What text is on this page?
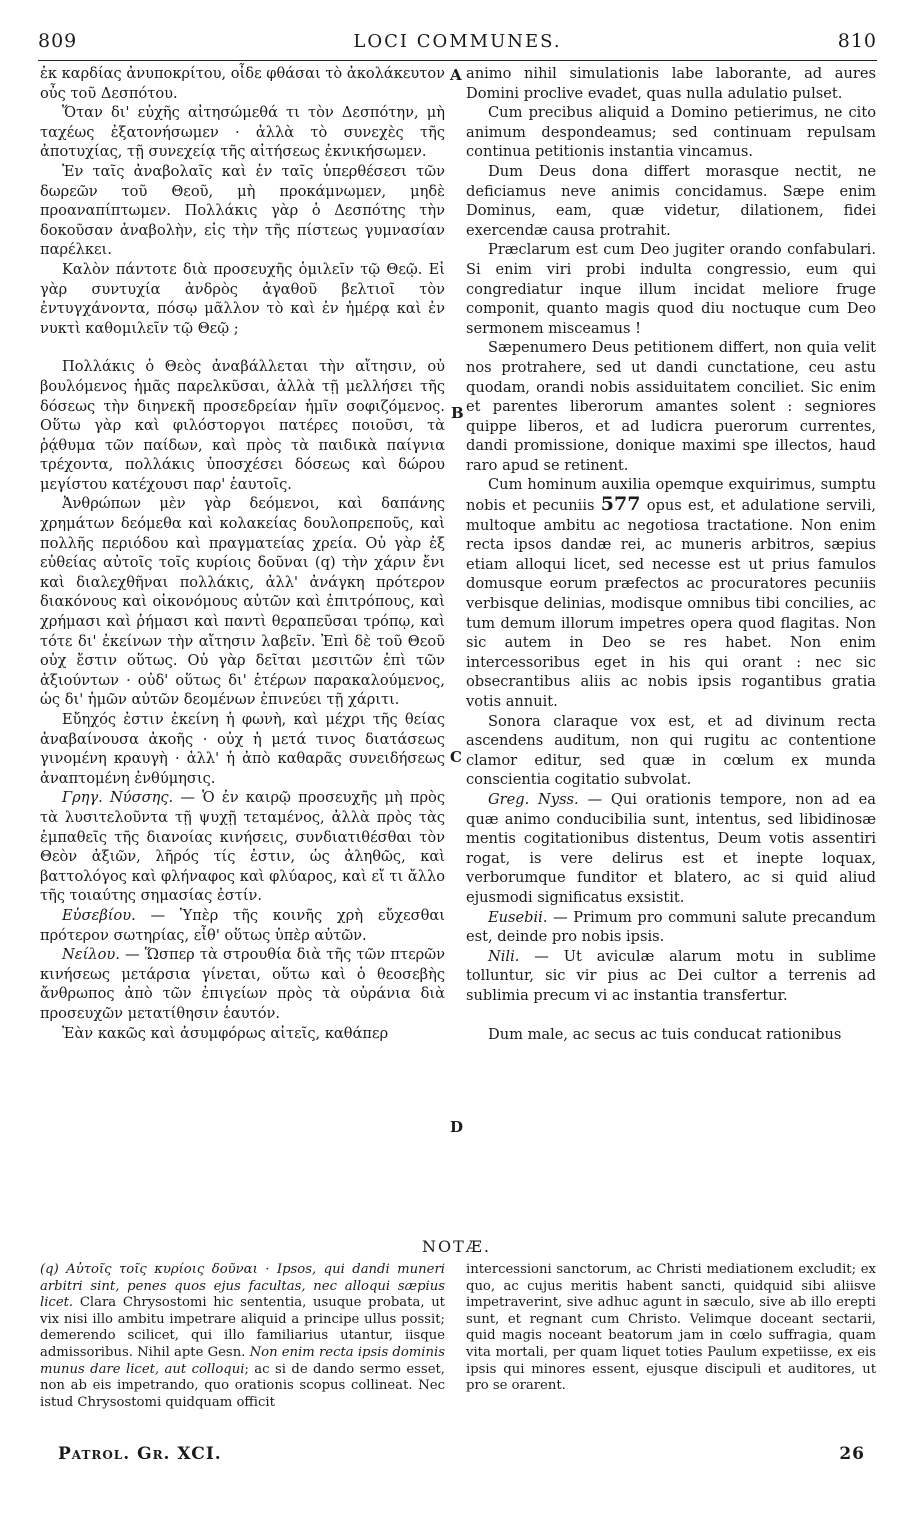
809	LOCI COMMUNES.	810

ἐκ καρδίας ἀνυποκρίτου, οἶδε φθάσαι τὸ ἀκολάκευτον οὖς τοῦ Δεσπότου.

Ὅταν δι' εὐχῆς αἰτησώμεθά τι τὸν Δεσπότην, μὴ ταχέως ἐξατονήσωμεν · ἀλλὰ τὸ συνεχὲς τῆς ἀποτυχίας, τῇ συνεχείᾳ τῆς αἰτήσεως ἐκνικήσωμεν.

Ἐν ταῖς ἀναβολαῖς καὶ ἐν ταῖς ὑπερθέσεσι τῶν δωρεῶν τοῦ Θεοῦ, μὴ προκάμνωμεν, μηδὲ προαναπίπτωμεν. Πολλάκις γὰρ ὁ Δεσπότης τὴν δοκοῦσαν ἀναβολὴν, εἰς τὴν τῆς πίστεως γυμνασίαν παρέλκει.

Καλὸν πάντοτε διὰ προσευχῆς ὁμιλεῖν τῷ Θεῷ. Εἰ γὰρ συντυχία ἀνδρὸς ἀγαθοῦ βελτιοῖ τὸν ἐντυγχάνοντα, πόσῳ μᾶλλον τὸ καὶ ἐν ἡμέρᾳ καὶ ἐν νυκτὶ καθομιλεῖν τῷ Θεῷ ;

Πολλάκις ὁ Θεὸς ἀναβάλλεται τὴν αἴτησιν, οὐ βουλόμενος ἡμᾶς παρελκῦσαι, ἀλλὰ τῇ μελλήσει τῆς δόσεως τὴν διηνεκῆ προσεδρείαν ἡμῖν σοφιζόμενος. Οὕτω γὰρ καὶ φιλόστοργοι πατέρες ποιοῦσι, τὰ ῥᾴθυμα τῶν παίδων, καὶ πρὸς τὰ παιδικὰ παίγνια τρέχοντα, πολλάκις ὑποσχέσει δόσεως καὶ δώρου μεγίστου κατέχουσι παρ' ἑαυτοῖς.

Ἀνθρώπων μὲν γὰρ δεόμενοι, καὶ δαπάνης χρημάτων δεόμεθα καὶ κολακείας δουλοπρεποῦς, καὶ πολλῆς περιόδου καὶ πραγματείας χρεία. Οὐ γὰρ ἐξ εὐθείας αὐτοῖς τοῖς κυρίοις δοῦναι (q) τὴν χάριν ἔνι καὶ διαλεχθῆναι πολλάκις, ἀλλ' ἀνάγκη πρότερον διακόνους καὶ οἰκονόμους αὐτῶν καὶ ἐπιτρόπους, καὶ χρήμασι καὶ ῥήμασι καὶ παντὶ θεραπεῦσαι τρόπῳ, καὶ τότε δι' ἐκείνων τὴν αἴτησιν λαβεῖν. Ἐπὶ δὲ τοῦ Θεοῦ οὐχ ἔστιν οὕτως. Οὐ γὰρ δεῖται μεσιτῶν ἐπὶ τῶν ἀξιούντων · οὐδ' οὕτως δι' ἑτέρων παρακαλούμενος, ὡς δι' ἡμῶν αὐτῶν δεομένων ἐπινεύει τῇ χάριτι.

Εὔηχός ἐστιν ἐκείνη ἡ φωνὴ, καὶ μέχρι τῆς θείας ἀναβαίνουσα ἀκοῆς · οὐχ ἡ μετά τινος διατάσεως γινομένη κραυγὴ · ἀλλ' ἡ ἀπὸ καθαρᾶς συνειδήσεως ἀναπτομένη ἐνθύμησις.

Γρηγ. Νύσσης. — Ὁ ἐν καιρῷ προσευχῆς μὴ πρὸς τὰ λυσιτελοῦντα τῇ ψυχῇ τεταμένος, ἀλλὰ πρὸς τὰς ἐμπαθεῖς τῆς διανοίας κινήσεις, συνδιατιθέσθαι τὸν Θεὸν ἀξιῶν, λῆρός τίς ἐστιν, ὡς ἀληθῶς, καὶ βαττολόγος καὶ φλήναφος καὶ φλύαρος, καὶ εἴ τι ἄλλο τῆς τοιαύτης σημασίας ἐστίν.

Εὐσεβίου. — Ὑπὲρ τῆς κοινῆς χρὴ εὔχεσθαι πρότερον σωτηρίας, εἶθ' οὕτως ὑπὲρ αὐτῶν.

Νείλου. — Ὥσπερ τὰ στρουθία διὰ τῆς τῶν πτερῶν κινήσεως μετάρσια γίνεται, οὕτω καὶ ὁ θεοσεβὴς ἄνθρωπος ἀπὸ τῶν ἐπιγείων πρὸς τὰ οὐράνια διὰ προσευχῶν μετατίθησιν ἑαυτόν.

Ἐὰν κακῶς καὶ ἀσυμφόρως αἰτεῖς, καθάπερ

A
B
C
D

animo nihil simulationis labe laborante, ad aures Domini proclive evadet, quas nulla adulatio pulset.

Cum precibus aliquid a Domino petierimus, ne cito animum despondeamus; sed continuam repulsam continua petitionis instantia vincamus.

Dum Deus dona differt morasque nectit, ne deficiamus neve animis concidamus. Sæpe enim Dominus, eam, quæ videtur, dilationem, fidei exercendæ causa protrahit.

Præclarum est cum Deo jugiter orando confabulari. Si enim viri probi indulta congressio, eum qui congrediatur inque illum incidat meliore fruge componit, quanto magis quod diu noctuque cum Deo sermonem misceamus !

Sæpenumero Deus petitionem differt, non quia velit nos protrahere, sed ut dandi cunctatione, ceu astu quodam, orandi nobis assiduitatem conciliet. Sic enim et parentes liberorum amantes solent : segniores quippe liberos, et ad ludicra puerorum currentes, dandi promissione, donique maximi spe illectos, haud raro apud se retinent.

Cum hominum auxilia opemque exquirimus, sumptu nobis et pecuniis 577 opus est, et adulatione servili, multoque ambitu ac negotiosa tractatione. Non enim recta ipsos dandæ rei, ac muneris arbitros, sæpius etiam alloqui licet, sed necesse est ut prius famulos domusque eorum præfectos ac procuratores pecuniis verbisque delinias, modisque omnibus tibi concilies, ac tum demum illorum impetres opera quod flagitas. Non sic autem in Deo se res habet. Non enim intercessoribus eget in his qui orant : nec sic obsecrantibus aliis ac nobis ipsis rogantibus gratia votis annuit.

Sonora claraque vox est, et ad divinum recta ascendens auditum, non qui rugitu ac contentione clamor editur, sed quæ in cœlum ex munda conscientia cogitatio subvolat.

Greg. Nyss. — Qui orationis tempore, non ad ea quæ animo conducibilia sunt, intentus, sed libidinosæ mentis cogitationibus distentus, Deum votis assentiri rogat, is vere delirus est et inepte loquax, verborumque funditor et blatero, ac si quid aliud ejusmodi significatus exsistit.

Eusebii. — Primum pro communi salute precandum est, deinde pro nobis ipsis.

Nili. — Ut aviculæ alarum motu in sublime tolluntur, sic vir pius ac Dei cultor a terrenis ad sublimia precum vi ac instantia transfertur.

Dum male, ac secus ac tuis conducat rationibus

NOTÆ.
(q) Αὐτοῖς τοῖς κυρίοις δοῦναι · Ipsos, qui dandi muneri arbitri sint, penes quos ejus facultas, nec alloqui sæpius licet. Clara Chrysostomi hic sententia, usuque probata, ut vix nisi illo ambitu impetrare aliquid a principe ullus possit; demerendo scilicet, qui illo familiarius utantur, iisque admissoribus. Nihil apte Gesn. Non enim recta ipsis dominis munus dare licet, aut colloqui; ac si de dando sermo esset, non ab eis impetrando, quo orationis scopus collineat. Nec istud Chrysostomi quidquam officit
intercessioni sanctorum, ac Christi mediationem excludit; ex quo, ac cujus meritis habent sancti, quidquid sibi aliisve impetraverint, sive adhuc agunt in sæculo, sive ab illo erepti sunt, et regnant cum Christo. Velimque doceant sectarii, quid magis noceant beatorum jam in cœlo suffragia, quam vita mortali, per quam liquet toties Paulum expetiisse, ex eis ipsis qui minores essent, ejusque discipuli et auditores, ut pro se orarent.
Patrol. Gr. XCI.	26
